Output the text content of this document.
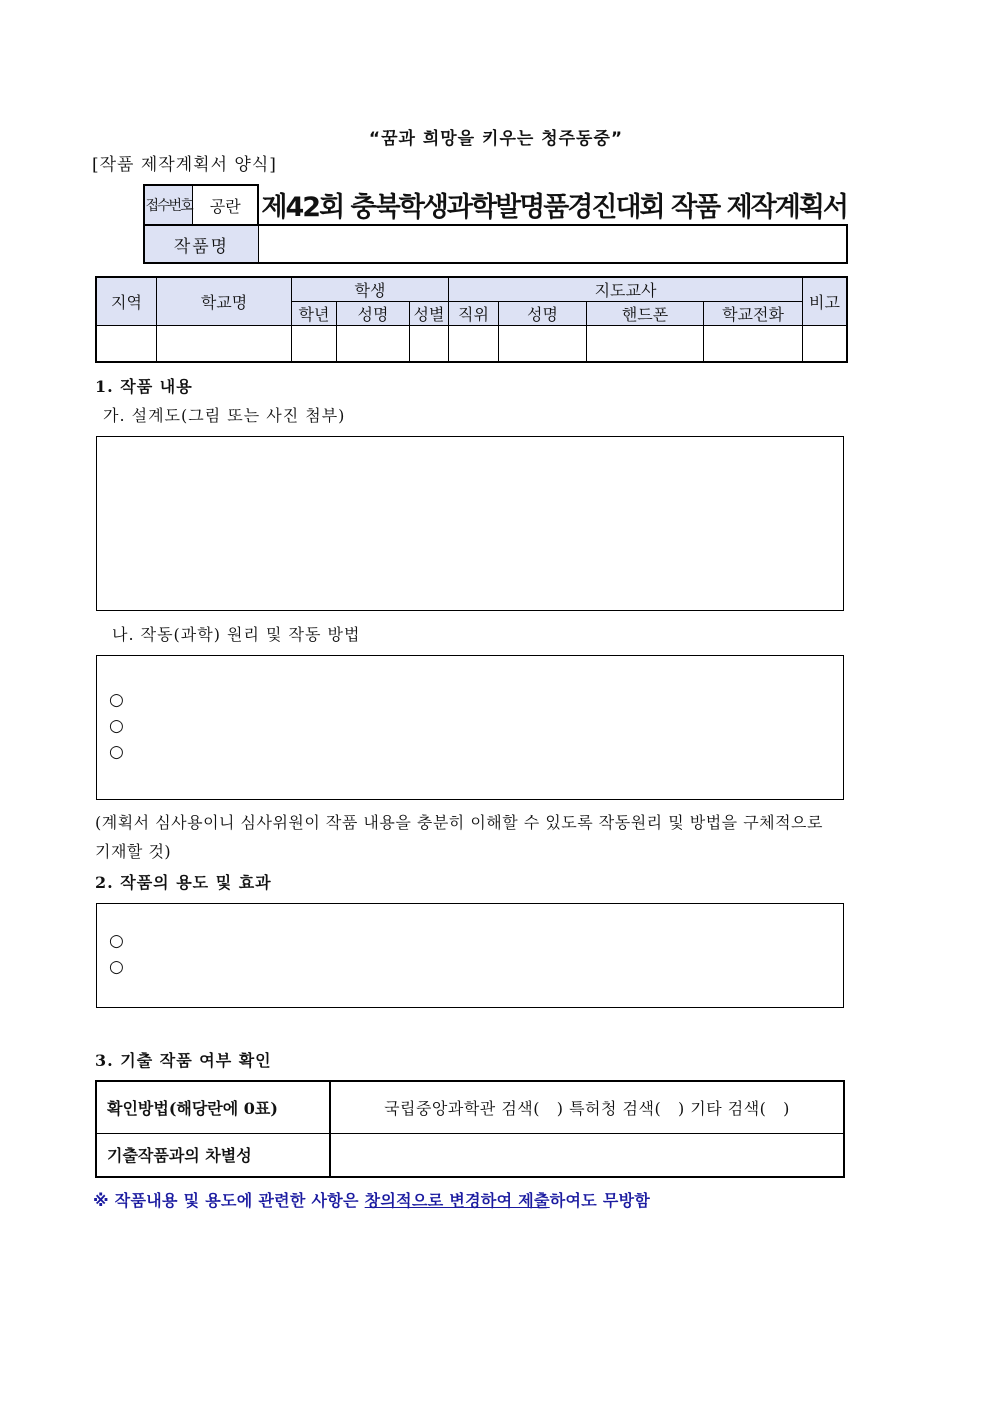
“꿈과 희망을 키우는 청주동중”
[작품 제작계획서 양식]
접수번호	공란	제42회 충북학생과학발명품경진대회 작품 제작계획서
작품명		
지역	학교명	학생			지도교사				비고
		학년	성명	성별	직위	성명	핸드폰	학교전화	

1. 작품 내용
가. 설계도(그림 또는 사진 첨부)
나. 작동(과학) 원리 및 작동 방법
○
○
○
(계획서 심사용이니 심사위원이 작품 내용을 충분히 이해할 수 있도록 작동원리 및 방법을 구체적으로 기재할 것)
2. 작품의 용도 및 효과
○
○
3. 기출 작품 여부 확인
확인방법(해당란에 0표)	국립중앙과학관 검색(   ) 특허청 검색(   ) 기타 검색(   )
기출작품과의 차별성	
※ 작품내용 및 용도에 관련한 사항은 창의적으로 변경하여 제출하여도 무방함
